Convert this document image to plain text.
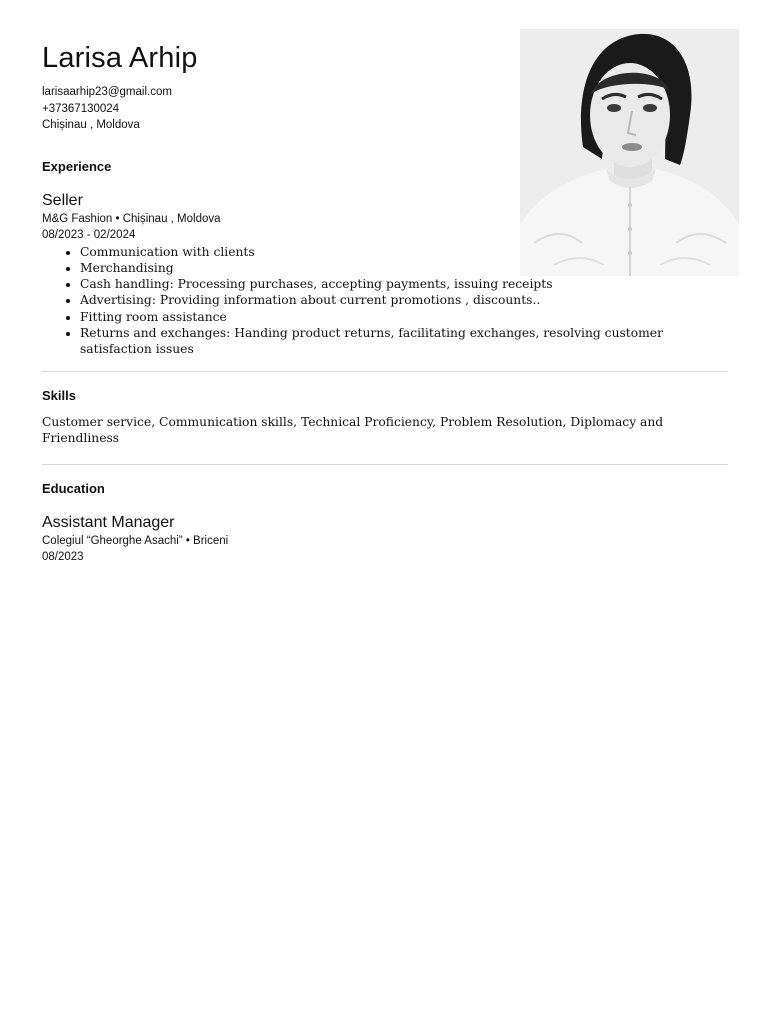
Larisa Arhip
larisaarhip23@gmail.com
+37367130024
Chișinau , Moldova
Experience
Seller
M&G Fashion • Chișinau , Moldova
08/2023 - 02/2024
• Communication with clients
• Merchandising
• Cash handling: Processing purchases, accepting payments, issuing receipts
• Advertising: Providing information about current promotions , discounts..
• Fitting room assistance
• Returns and exchanges: Handing product returns, facilitating exchanges, resolving customer satisfaction issues
Skills
Customer service, Communication skills, Technical Proficiency, Problem Resolution, Diplomacy and Friendliness
Education
Assistant Manager
Colegiul “Gheorghe Asachi” • Briceni
08/2023
